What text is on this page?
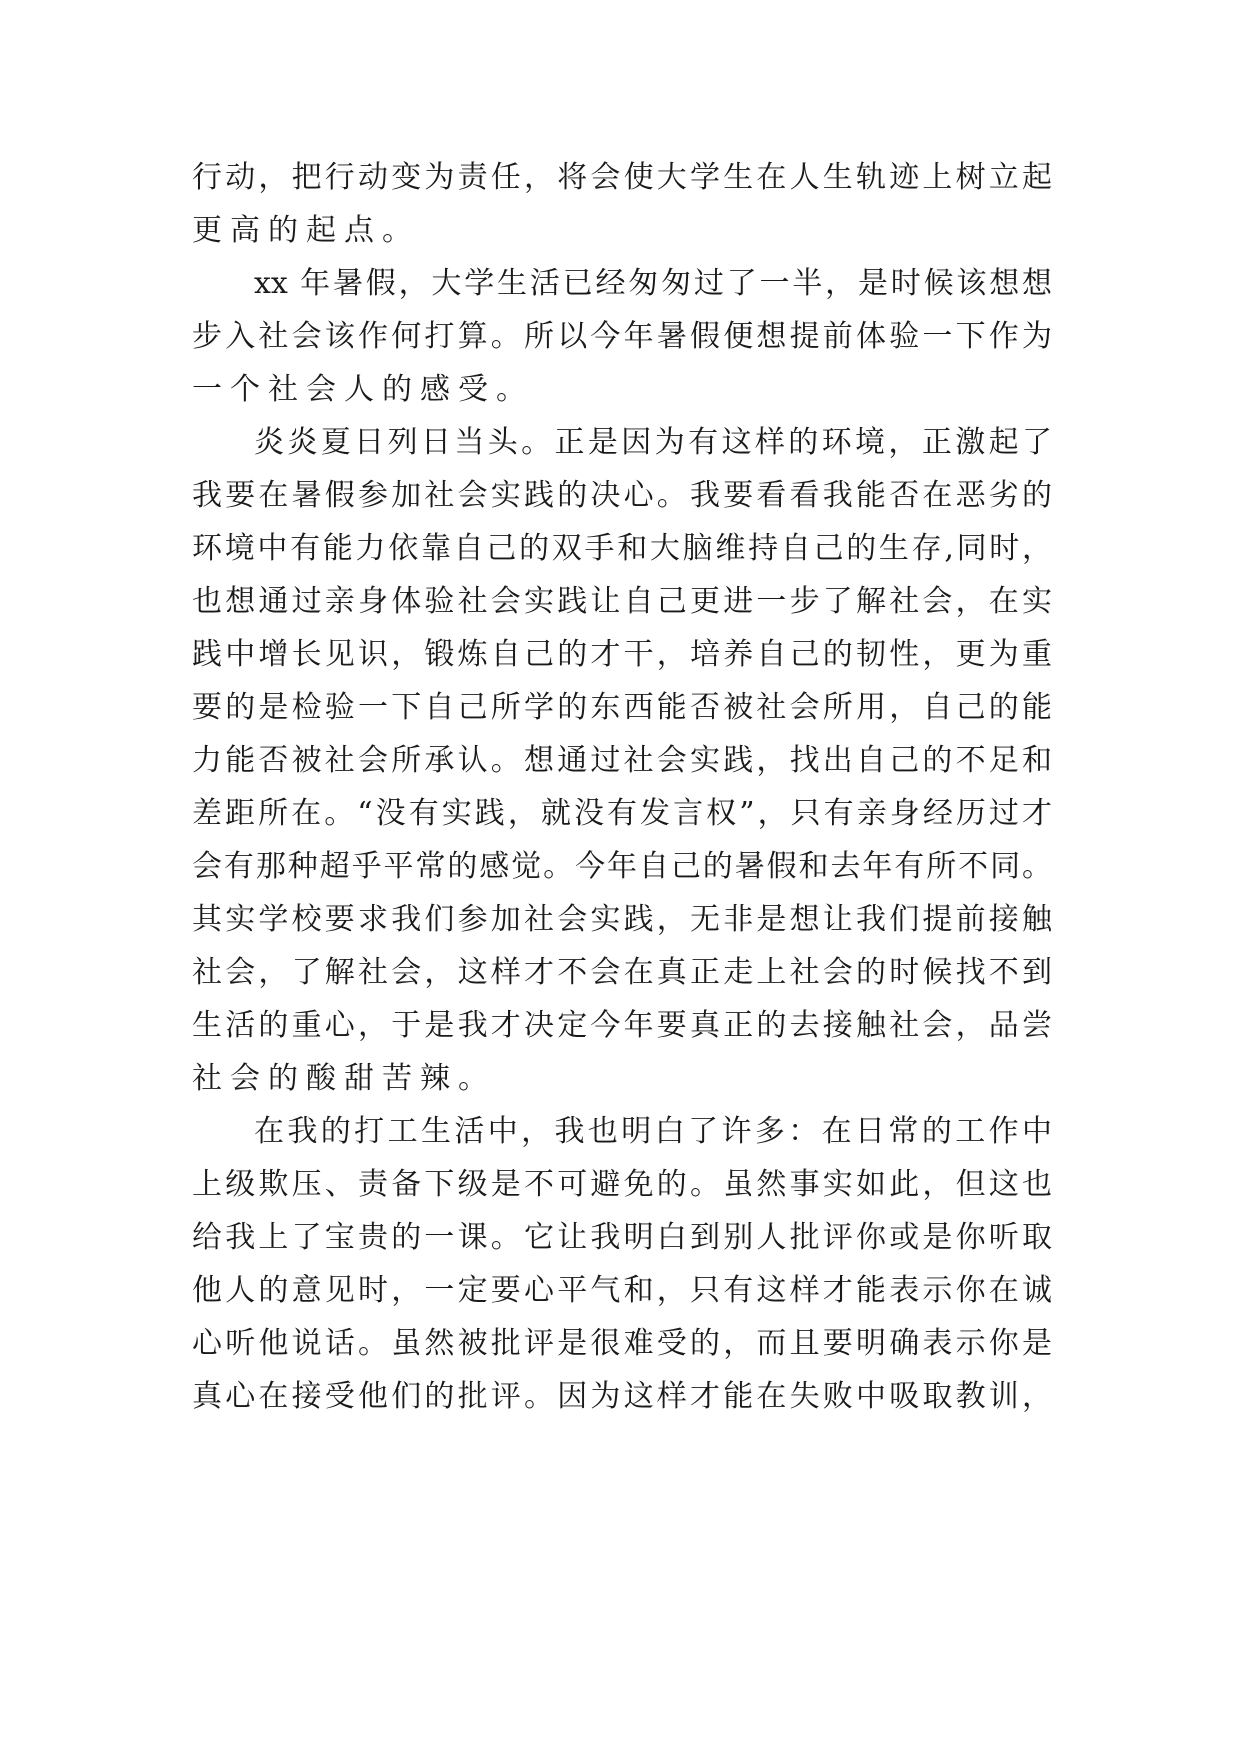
行动，把行动变为责任，将会使大学生在人生轨迹上树立起
更高的起点。
xx 年暑假，大学生活已经匆匆过了一半，是时候该想想
步入社会该作何打算。所以今年暑假便想提前体验一下作为
一个社会人的感受。
炎炎夏日列日当头。正是因为有这样的环境，正激起了
我要在暑假参加社会实践的决心。我要看看我能否在恶劣的
环境中有能力依靠自己的双手和大脑维持自己的生存,同时，
也想通过亲身体验社会实践让自己更进一步了解社会，在实
践中增长见识，锻炼自己的才干，培养自己的韧性，更为重
要的是检验一下自己所学的东西能否被社会所用，自己的能
力能否被社会所承认。想通过社会实践，找出自己的不足和
差距所在。“没有实践，就没有发言权”，只有亲身经历过才
会有那种超乎平常的感觉。今年自己的暑假和去年有所不同。
其实学校要求我们参加社会实践，无非是想让我们提前接触
社会，了解社会，这样才不会在真正走上社会的时候找不到
生活的重心，于是我才决定今年要真正的去接触社会，品尝
社会的酸甜苦辣。
在我的打工生活中，我也明白了许多：在日常的工作中
上级欺压、责备下级是不可避免的。虽然事实如此，但这也
给我上了宝贵的一课。它让我明白到别人批评你或是你听取
他人的意见时，一定要心平气和，只有这样才能表示你在诚
心听他说话。虽然被批评是很难受的，而且要明确表示你是
真心在接受他们的批评。因为这样才能在失败中吸取教训，
